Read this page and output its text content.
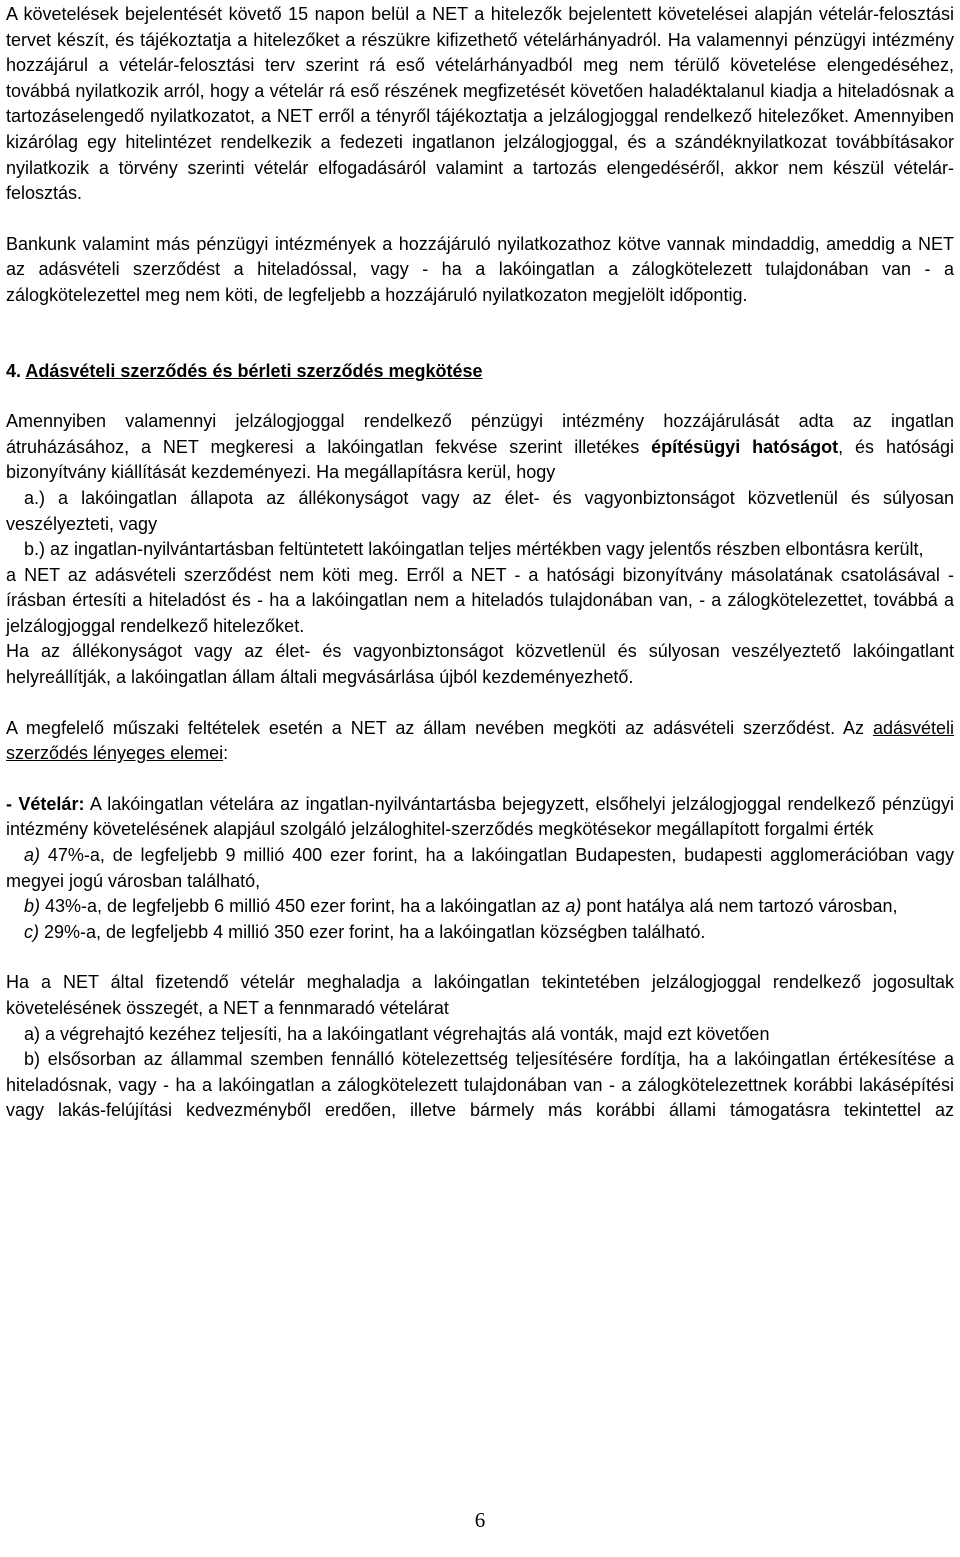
A követelések bejelentését követő 15 napon belül a NET a hitelezők bejelentett követelései alapján vételár-felosztási tervet készít, és tájékoztatja a hitelezőket a részükre kifizethető vételárhányadról. Ha valamennyi pénzügyi intézmény hozzájárul a vételár-felosztási terv szerint rá eső vételárhányadból meg nem térülő követelése elengedéséhez, továbbá nyilatkozik arról, hogy a vételár rá eső részének megfizetését követően haladéktalanul kiadja a hiteladósnak a tartozáselengedő nyilatkozatot, a NET erről a tényről tájékoztatja a jelzálogjoggal rendelkező hitelezőket. Amennyiben kizárólag egy hitelintézet rendelkezik a fedezeti ingatlanon jelzálogjoggal, és a szándéknyilatkozat továbbításakor nyilatkozik a törvény szerinti vételár elfogadásáról valamint a tartozás elengedéséről, akkor nem készül vételár-felosztás.

Bankunk valamint más pénzügyi intézmények a hozzájáruló nyilatkozathoz kötve vannak mindaddig, ameddig a NET az adásvételi szerződést a hiteladóssal, vagy - ha a lakóingatlan a zálogkötelezett tulajdonában van - a zálogkötelezettel meg nem köti, de legfeljebb a hozzájáruló nyilatkozaton megjelölt időpontig.

4. Adásvételi szerződés és bérleti szerződés megkötése

Amennyiben valamennyi jelzálogjoggal rendelkező pénzügyi intézmény hozzájárulását adta az ingatlan átruházásához, a NET megkeresi a lakóingatlan fekvése szerint illetékes építésügyi hatóságot, és hatósági bizonyítvány kiállítását kezdeményezi. Ha megállapításra kerül, hogy

a.) a lakóingatlan állapota az állékonyságot vagy az élet- és vagyonbiztonságot közvetlenül és súlyosan veszélyezteti, vagy

b.) az ingatlan-nyilvántartásban feltüntetett lakóingatlan teljes mértékben vagy jelentős részben elbontásra került,

a NET az adásvételi szerződést nem köti meg. Erről a NET - a hatósági bizonyítvány másolatának csatolásával - írásban értesíti a hiteladóst és - ha a lakóingatlan nem a hiteladós tulajdonában van, - a zálogkötelezettet, továbbá a jelzálogjoggal rendelkező hitelezőket.

Ha az állékonyságot vagy az élet- és vagyonbiztonságot közvetlenül és súlyosan veszélyeztető lakóingatlant helyreállítják, a lakóingatlan állam általi megvásárlása újból kezdeményezhető.

A megfelelő műszaki feltételek esetén a NET az állam nevében megköti az adásvételi szerződést. Az adásvételi szerződés lényeges elemei:

- Vételár: A lakóingatlan vételára az ingatlan-nyilvántartásba bejegyzett, elsőhelyi jelzálogjoggal rendelkező pénzügyi intézmény követelésének alapjául szolgáló jelzáloghitel-szerződés megkötésekor megállapított forgalmi érték

a) 47%-a, de legfeljebb 9 millió 400 ezer forint, ha a lakóingatlan Budapesten, budapesti agglomerációban vagy megyei jogú városban található,

b) 43%-a, de legfeljebb 6 millió 450 ezer forint, ha a lakóingatlan az a) pont hatálya alá nem tartozó városban,

c) 29%-a, de legfeljebb 4 millió 350 ezer forint, ha a lakóingatlan községben található.

Ha a NET által fizetendő vételár meghaladja a lakóingatlan tekintetében jelzálogjoggal rendelkező jogosultak követelésének összegét, a NET a fennmaradó vételárat

a) a végrehajtó kezéhez teljesíti, ha a lakóingatlant végrehajtás alá vonták, majd ezt követően

b) elsősorban az állammal szemben fennálló kötelezettség teljesítésére fordítja, ha a lakóingatlan értékesítése a hiteladósnak, vagy - ha a lakóingatlan a zálogkötelezett tulajdonában van - a zálogkötelezettnek korábbi lakásépítési vagy lakás-felújítási kedvezményből eredően, illetve bármely más korábbi állami támogatásra tekintettel az

6
